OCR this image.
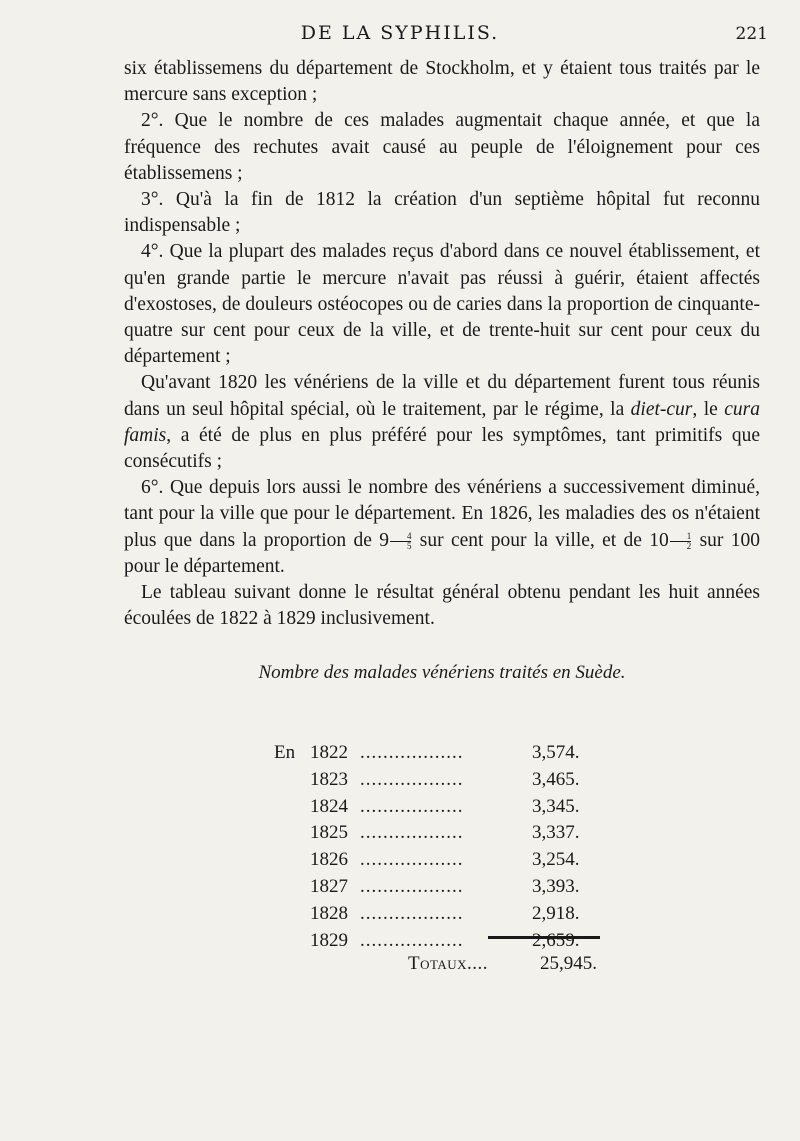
DE LA SYPHILIS.	221

six établissemens du département de Stockholm, et y étaient tous traités par le mercure sans exception ;

2°. Que le nombre de ces malades augmentait chaque année, et que la fréquence des rechutes avait causé au peuple de l'éloignement pour ces établissemens ;

3°. Qu'à la fin de 1812 la création d'un septième hôpital fut reconnu indispensable ;

4°. Que la plupart des malades reçus d'abord dans ce nouvel établissement, et qu'en grande partie le mercure n'avait pas réussi à guérir, étaient affectés d'exostoses, de douleurs ostéocopes ou de caries dans la proportion de cinquante-quatre sur cent pour ceux de la ville, et de trente-huit sur cent pour ceux du département ;

Qu'avant 1820 les vénériens de la ville et du département furent tous réunis dans un seul hôpital spécial, où le traitement, par le régime, la diet-cur, le cura famis, a été de plus en plus préféré pour les symptômes, tant primitifs que consécutifs ;

6°. Que depuis lors aussi le nombre des vénériens a successivement diminué, tant pour la ville que pour le département. En 1826, les maladies des os n'étaient plus que dans la proportion de $9 \frac{4}{5}$ sur cent pour la ville, et de $10 \frac{1}{2}$ sur 100 pour le département.

Le tableau suivant donne le résultat général obtenu pendant les huit années écoulées de 1822 à 1829 inclusivement.

Nombre des malades vénériens traités en Suède.
En 1822 ..................	3,574.
1823 ..................	3,465.
1824 ..................	3,345.
1825 ..................	3,337.
1826 ..................	3,254.
1827 ..................	3,393.
1828 ..................	2,918.
1829 ..................	2,659.
Totaux....	25,945.
